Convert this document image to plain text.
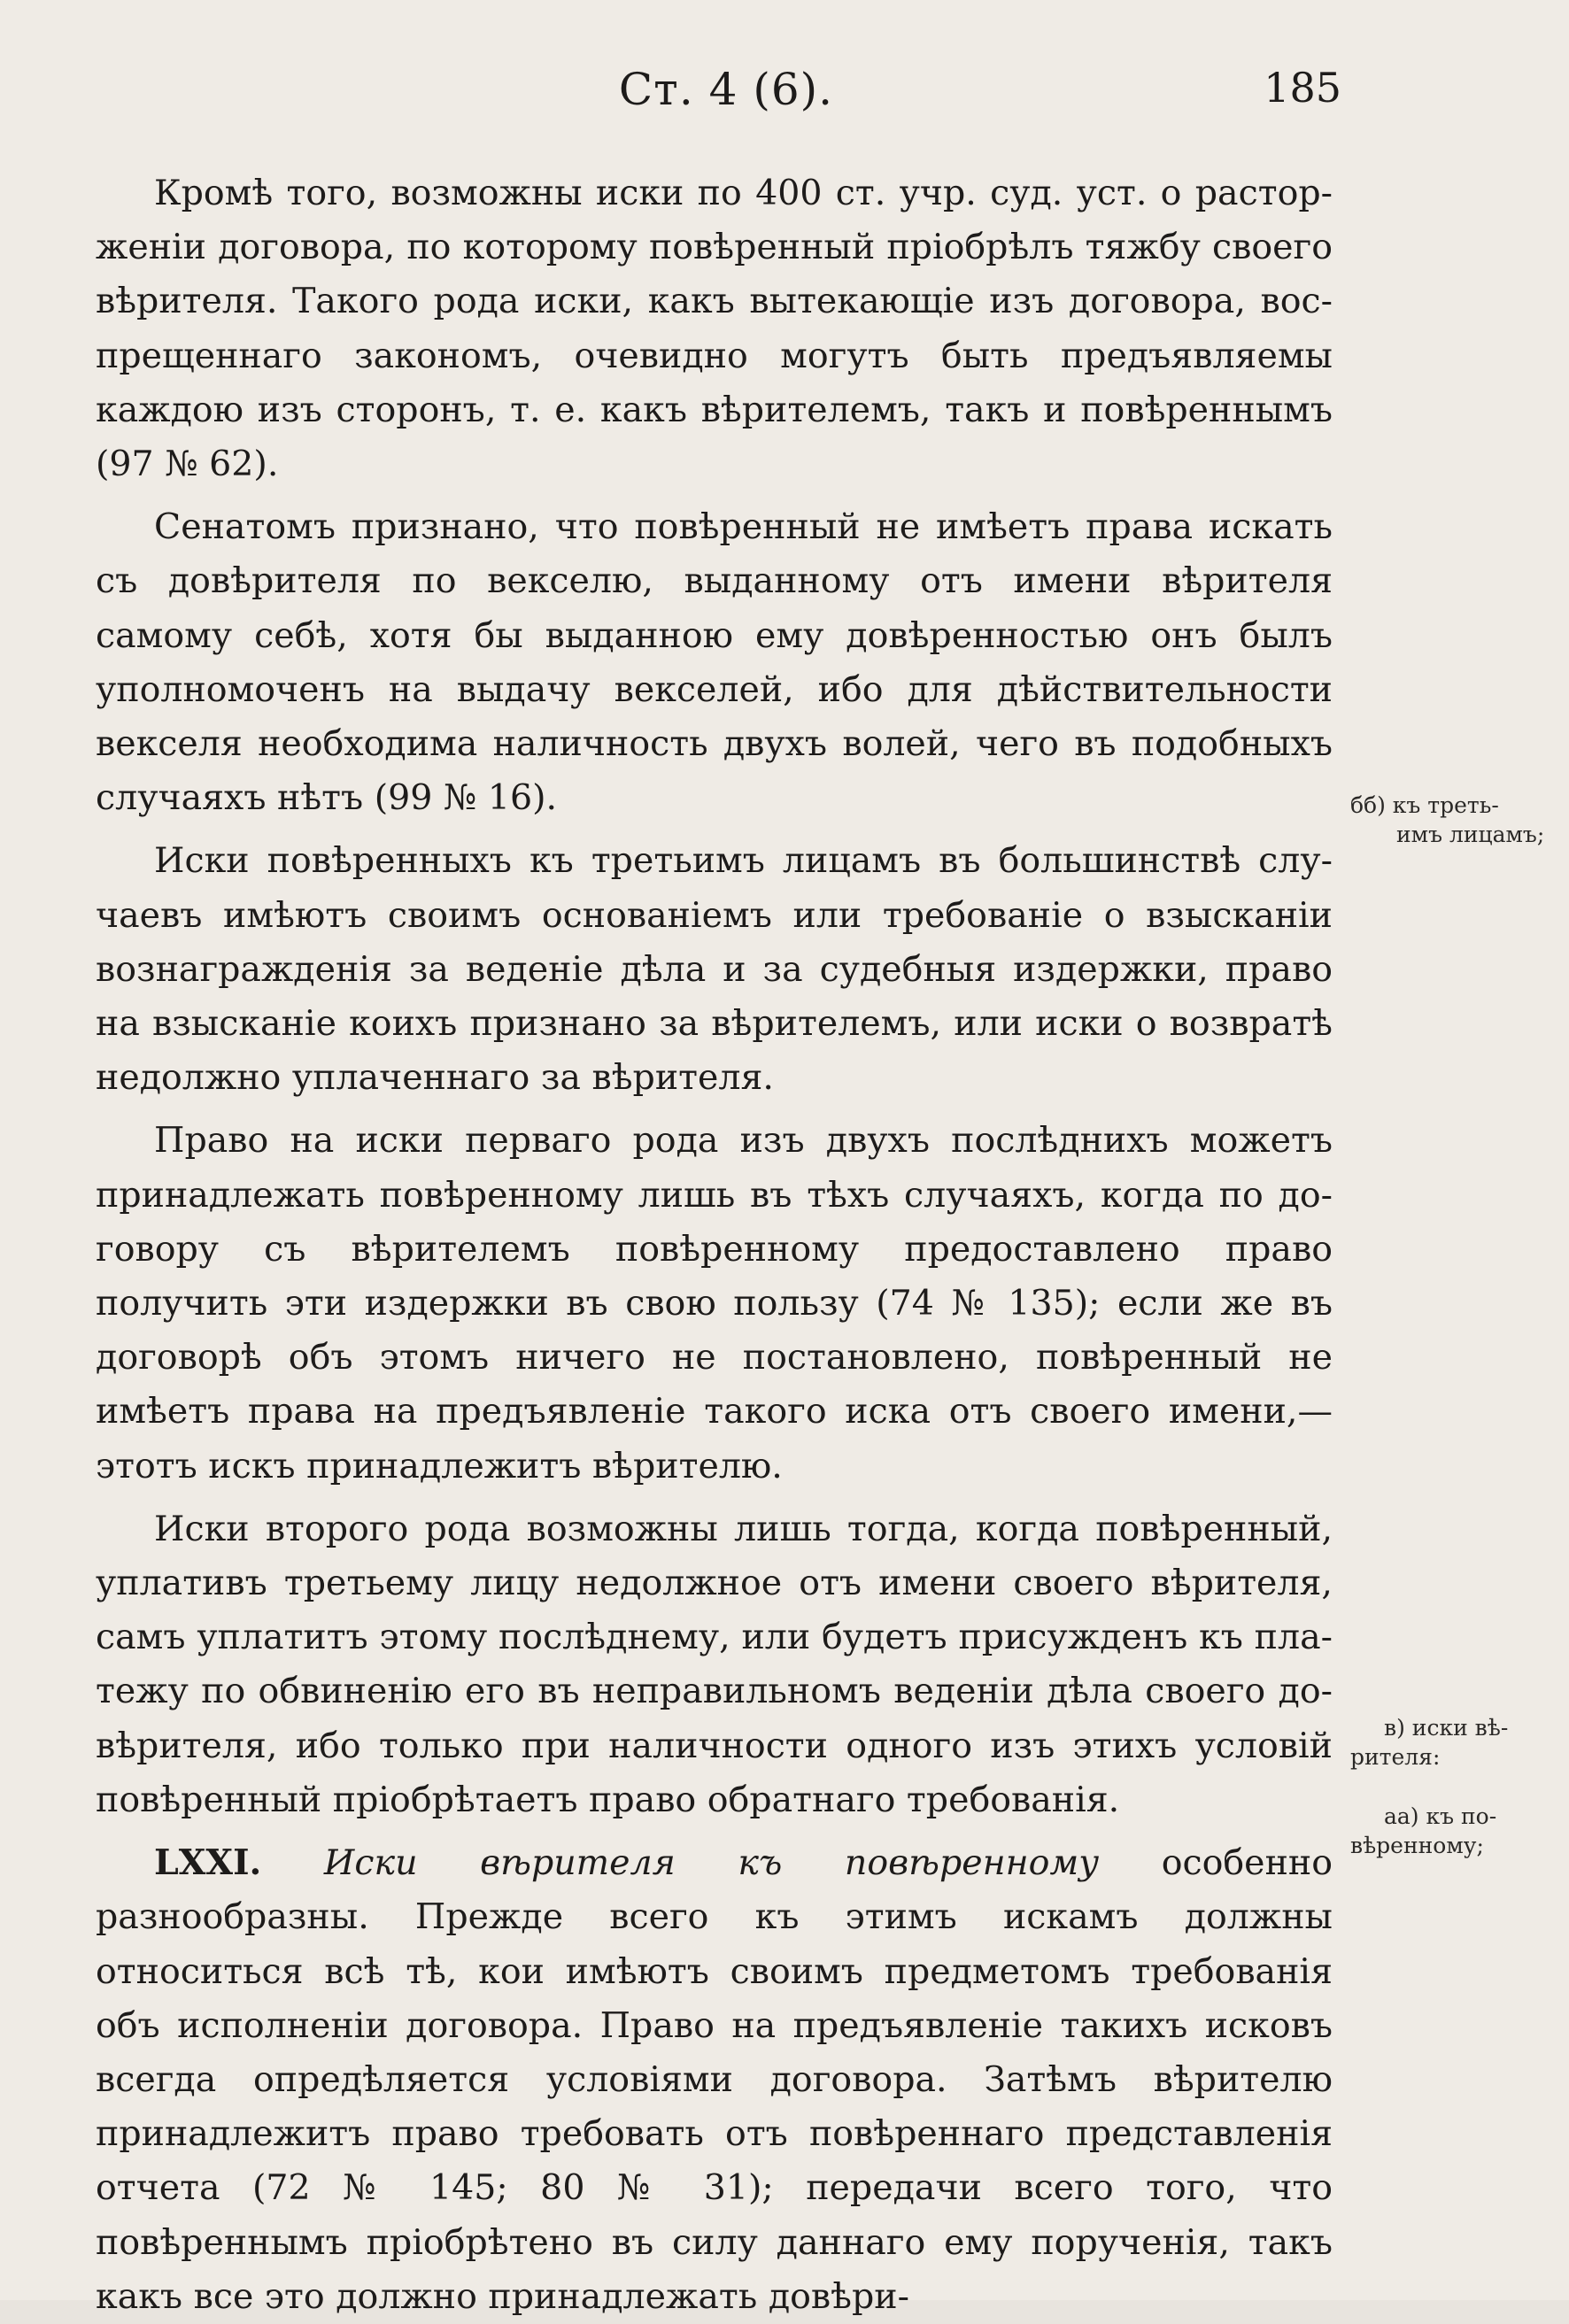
Ст. 4 (6).	185

Кромѣ того, возможны иски по 400 ст. учр. суд. уст. о расторженіи договора, по которому повѣренный пріобрѣлъ тяжбу своего вѣрителя. Такого рода иски, какъ вытекающіе изъ договора, воспрещеннаго закономъ, очевидно могутъ быть предъявляемы каждою изъ сторонъ, т. е. какъ вѣрителемъ, такъ и повѣреннымъ (97 № 62).

Сенатомъ признано, что повѣренный не имѣетъ права искать съ довѣрителя по векселю, выданному отъ имени вѣрителя самому себѣ, хотя бы выданною ему довѣренностью онъ былъ уполномоченъ на выдачу векселей, ибо для дѣйствительности векселя необходима наличность двухъ волей, чего въ подобныхъ случаяхъ нѣтъ (99 № 16).

Иски повѣренныхъ къ третьимъ лицамъ въ большинствѣ случаевъ имѣютъ своимъ основаніемъ или требованіе о взысканіи вознагражденія за веденіе дѣла и за судебныя издержки, право на взысканіе коихъ признано за вѣрителемъ, или иски о возвратѣ недолжно уплаченнаго за вѣрителя.

Право на иски перваго рода изъ двухъ послѣднихъ можетъ принадлежать повѣренному лишь въ тѣхъ случаяхъ, когда по договору съ вѣрителемъ повѣренному предоставлено право получить эти издержки въ свою пользу (74 № 135); если же въ договорѣ объ этомъ ничего не постановлено, повѣренный не имѣетъ права на предъявленіе такого иска отъ своего имени,—этотъ искъ принадлежитъ вѣрителю.

Иски второго рода возможны лишь тогда, когда повѣренный, уплативъ третьему лицу недолжное отъ имени своего вѣрителя, самъ уплатитъ этому послѣднему, или будетъ присужденъ къ платежу по обвиненію его въ неправильномъ веденіи дѣла своего довѣрителя, ибо только при наличности одного изъ этихъ условій повѣренный пріобрѣтаетъ право обратнаго требованія.

LXXI. Иски вѣрителя къ повѣренному особенно разнообразны. Прежде всего къ этимъ искамъ должны относиться всѣ тѣ, кои имѣютъ своимъ предметомъ требованія объ исполненіи договора. Право на предъявленіе такихъ исковъ всегда опредѣляется условіями договора. Затѣмъ вѣрителю принадлежитъ право требовать отъ повѣреннаго представленія отчета (72 № 145; 80 № 31); передачи всего того, что повѣреннымъ пріобрѣтено въ силу даннаго ему порученія, такъ какъ все это должно принадлежать довѣри-

бб) къ треть-
имъ лицамъ;
в) иски вѣ-
рителя:
аа) къ по-
вѣренному;
